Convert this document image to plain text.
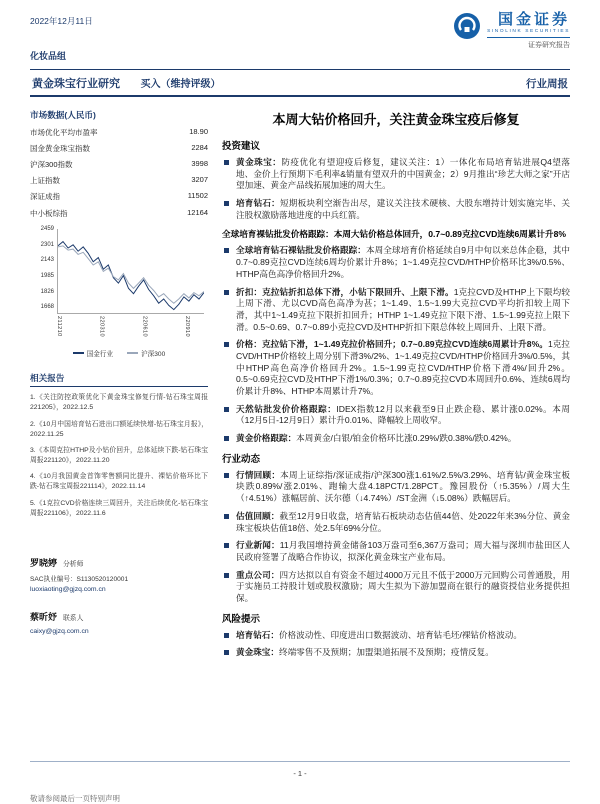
2022年12月11日
化妆品组
国金证券
SINOLINK SECURITIES
证券研究报告
黄金珠宝行业研究 买入（维持评级）	行业周报
市场数据(人民币)
市场优化平均市盈率	18.90
国金黄金珠宝指数	2284
沪深300指数	3998
上证指数	3207
深证成指	11502
中小板综指	12164
2459
2301
2143
1985
1826
1668
211210	220310	220610	220910
国金行业	沪深300
相关报告
1.《关注防控政策优化下黄金珠宝修复行情-钻石珠宝周报221205》，2022.12.5
2.《10月中国培育钻石进出口额延续快增-钻石珠宝月报》，2022.11.25
3.《本周克拉HTHP及小钻价回升，总体延续下跌-钻石珠宝周报221120》，2022.11.20
4.《10月我国黄金首饰零售额同比提升、裸钻价格环比下跌-钻石珠宝周报221114》，2022.11.14
5.《1克拉CVD价格连续三周回升，关注后续优化-钻石珠宝周报221106》，2022.11.6
罗晓婷 分析师
SAC执业编号：S1130520120001
luoxiaoting@gjzq.com.cn
蔡昕妤 联系人
caixy@gjzq.com.cn
本周大钻价格回升，关注黄金珠宝疫后修复
投资建议
黄金珠宝：防疫优化有望迎疫后修复，建议关注：1）一体化布局培育钻进展Q4望落地、金价上行预期下毛利率&销量有望双升的中国黄金；2）9月推出“珍艺大师之家”开店望加速、黄金产品线拓展加速的周大生。
培育钻石：短期板块利空渐告出尽，建议关注技术硬核、大股东增持计划实施完毕、关注股权激励落地进度的中兵红箭。
全球培育裸钻批发价格跟踪：本周大钻价格总体回升，0.7~0.89克拉CVD连续6周累计升8%
全球培育钻石裸钻批发价格跟踪：本周全球培育价格延续自9月中旬以来总体企稳，其中0.7~0.89克拉CVD连续6周均价累计升8%；1~1.49克拉CVD/HTHP价格环比3%/0.5%、HTHP高色高净价格回升2%。
折扣：克拉钻折扣总体下滑，小钻下限回升、上限下滑。1克拉CVD及HTHP上下限均较上周下滑、尤以CVD高色高净为甚；1~1.49、1.5~1.99大克拉CVD平均折扣较上周下滑，其中1~1.49克拉下限折扣回升；HTHP 1~1.49克拉下限下滑、1.5~1.99克拉上限下滑。0.5~0.69、0.7~0.89小克拉CVD及HTHP折扣下限总体较上周回升、上限下滑。
价格：克拉钻下滑，1~1.49克拉价格回升；0.7~0.89克拉CVD连续6周累计升8%。1克拉CVD/HTHP价格较上周分别下滑3%/2%、1~1.49克拉CVD/HTHP价格回升3%/0.5%，其中HTHP高色高净价格回升2%。1.5~1.99克拉CVD/HTHP价格下滑4%/回升2%。0.5~0.69克拉CVD及HTHP下滑1%/0.3%；0.7~0.89克拉CVD本周回升0.6%、连续6周均价累计升8%、HTHP本周累计升7%。
天然钻批发价价格跟踪：IDEX指数12月以来截至9日止跌企稳、累计涨0.02%。本周（12月5日-12月9日）累计升0.01%、降幅较上周收窄。
黄金价格跟踪：本周黄金/白银/铂金价格环比涨0.29%/跌0.38%/跌0.42%。
行业动态
行情回顾：本周上证综指/深证成指/沪深300涨1.61%/2.5%/3.29%、培育钻/黄金珠宝板块跌0.89%/涨2.01%、跑输大盘4.18PCT/1.28PCT。豫园股份（↑5.35%）/周大生（↑4.51%）涨幅居前、沃尔德（↓4.74%）/ST金洲（↓5.08%）跌幅居后。
估值回顾：截至12月9日收盘，培育钻石板块动态估值44倍、处2022年来3%分位、黄金珠宝板块估值18倍、处2.5年69%分位。
行业新闻：11月我国增持黄金储备103万盎司至6,367万盎司；周大福与深圳市盐田区人民政府签署了战略合作协议，拟深化黄金珠宝产业布局。
重点公司：四方达拟以自有资金不超过4000万元且不低于2000万元回购公司普通股，用于实施员工持股计划或股权激励；周大生拟为下游加盟商在银行的融资授信业务提供担保。
风险提示
培育钻石：价格波动性、印度进出口数据波动、培育钻毛坯/裸钻价格波动。
黄金珠宝：终端零售不及预期；加盟渠道拓展不及预期；疫情反复。
- 1 -
敬请参阅最后一页特别声明
